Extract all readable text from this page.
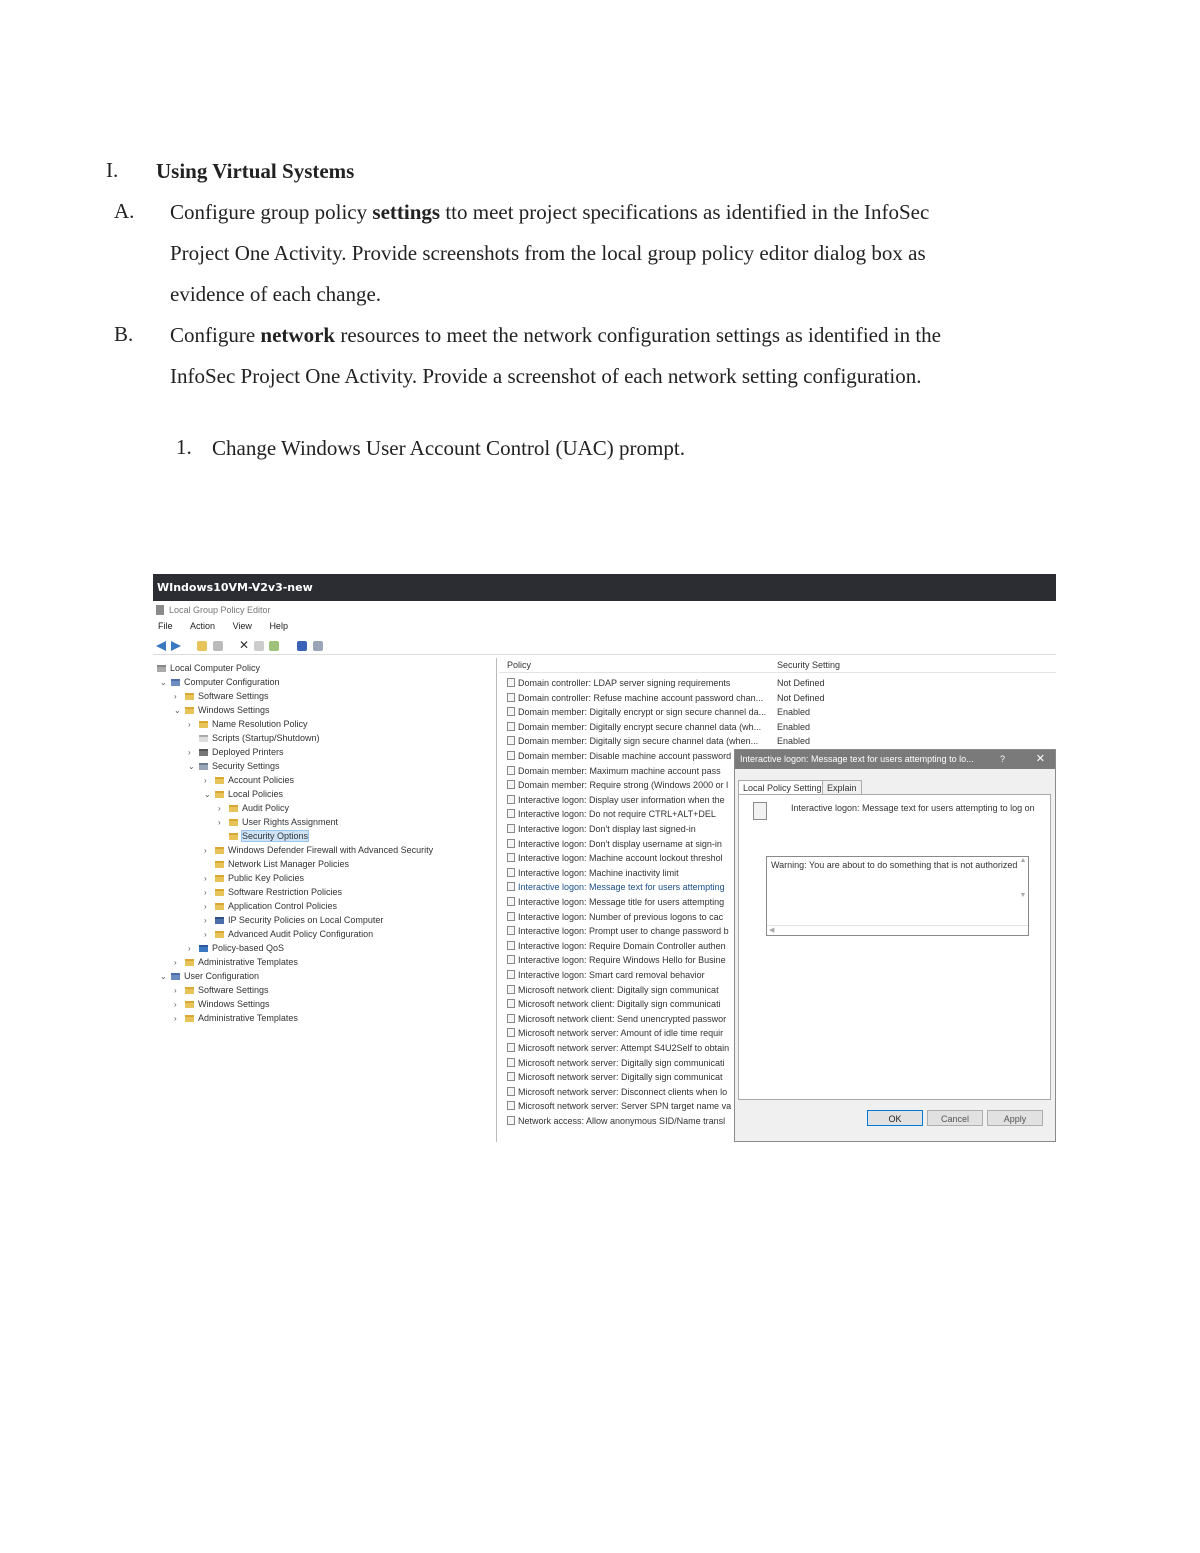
I. Using Virtual Systems
A. Configure group policy settings tto meet project specifications as identified in the InfoSec
Project One Activity. Provide screenshots from the local group policy editor dialog box as
evidence of each change.
B. Configure network resources to meet the network configuration settings as identified in the
InfoSec Project One Activity. Provide a screenshot of each network setting configuration.
1. Change Windows User Account Control (UAC) prompt.
WIndows10VM-V2v3-new
Local Group Policy Editor
File Action View Help
✕
Local Computer Policy
⌄ Computer Configuration
› Software Settings
⌄ Windows Settings
› Name Resolution Policy
Scripts (Startup/Shutdown)
› Deployed Printers
⌄ Security Settings
› Account Policies
⌄ Local Policies
› Audit Policy
› User Rights Assignment
Security Options
› Windows Defender Firewall with Advanced Security
Network List Manager Policies
› Public Key Policies
› Software Restriction Policies
› Application Control Policies
› IP Security Policies on Local Computer
› Advanced Audit Policy Configuration
› Policy-based QoS
› Administrative Templates
⌄ User Configuration
› Software Settings
› Windows Settings
› Administrative Templates
Policy	Security Setting
Domain controller: LDAP server signing requirements	Not Defined
Domain controller: Refuse machine account password chan... Not Defined
Domain member: Digitally encrypt or sign secure channel da... Enabled
Domain member: Digitally encrypt secure channel data (wh... Enabled
Domain member: Digitally sign secure channel data (when... Enabled
Domain member: Disable machine account password
Domain member: Maximum machine account pass
Domain member: Require strong (Windows 2000 or l
Interactive logon: Display user information when the
Interactive logon: Do not require CTRL+ALT+DEL
Interactive logon: Don't display last signed-in
Interactive logon: Don't display username at sign-in
Interactive logon: Machine account lockout threshol
Interactive logon: Machine inactivity limit
Interactive logon: Message text for users attempting
Interactive logon: Message title for users attempting
Interactive logon: Number of previous logons to cac
Interactive logon: Prompt user to change password b
Interactive logon: Require Domain Controller authen
Interactive logon: Require Windows Hello for Busine
Interactive logon: Smart card removal behavior
Microsoft network client: Digitally sign communicat
Microsoft network client: Digitally sign communicati
Microsoft network client: Send unencrypted passwor
Microsoft network server: Amount of idle time requir
Microsoft network server: Attempt S4U2Self to obtain
Microsoft network server: Digitally sign communicati
Microsoft network server: Digitally sign communicat
Microsoft network server: Disconnect clients when lo
Microsoft network server: Server SPN target name va
Network access: Allow anonymous SID/Name transl
Interactive logon: Message text for users attempting to lo...	?	✕
Local Policy Setting Explain
Interactive logon: Message text for users attempting to log on
Warning: You are about to do something that is not authorized ▲

▼
◀
OK	Cancel	Apply
